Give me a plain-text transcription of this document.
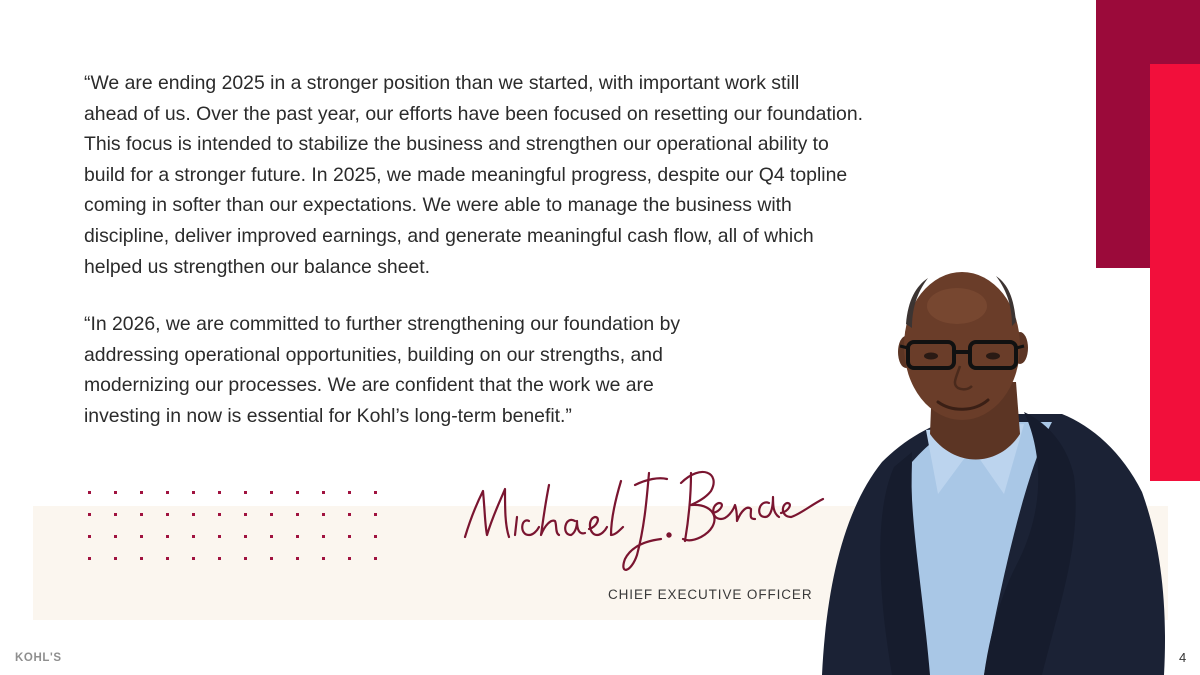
“We are ending 2025 in a stronger position than we started, with important work still
ahead of us. Over the past year, our efforts have been focused on resetting our foundation.
This focus is intended to stabilize the business and strengthen our operational ability to
build for a stronger future. In 2025, we made meaningful progress, despite our Q4 topline
coming in softer than our expectations. We were able to manage the business with
discipline, deliver improved earnings, and generate meaningful cash flow, all of which
helped us strengthen our balance sheet.

“In 2026, we are committed to further strengthening our foundation by
addressing operational opportunities, building on our strengths, and
modernizing our processes. We are confident that the work we are
investing in now is essential for Kohl’s long-term benefit.”

CHIEF EXECUTIVE OFFICER
KOHL'S	4
